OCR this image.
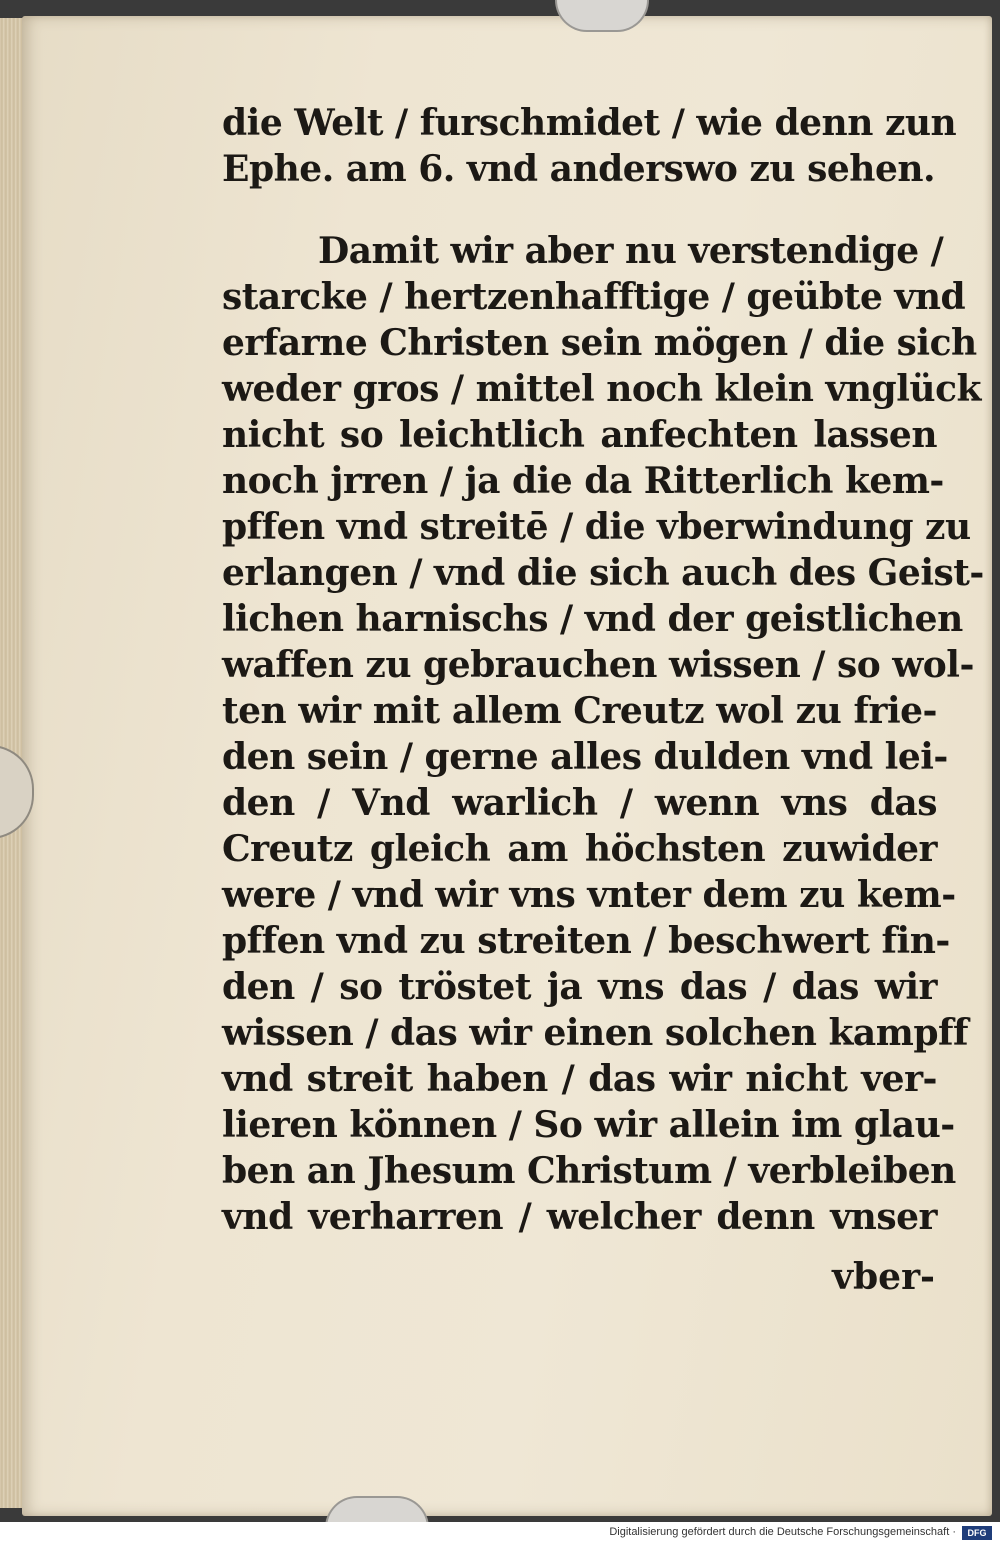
die Welt / furschmidet / wie denn zun
Ephe. am 6. vnd anderswo zu sehen.
Damit wir aber nu verstendige /
starcke / hertzenhafftige / geübte vnd
erfarne Christen sein mögen / die sich
weder gros / mittel noch klein vnglück
nicht so leichtlich anfechten lassen
noch jrren / ja die da Ritterlich kem-
pffen vnd streitē / die vberwindung zu
erlangen / vnd die sich auch des Geist-
lichen harnischs / vnd der geistlichen
waffen zu gebrauchen wissen / so wol-
ten wir mit allem Creutz wol zu frie-
den sein / gerne alles dulden vnd lei-
den / Vnd warlich / wenn vns das
Creutz gleich am höchsten zuwider
were / vnd wir vns vnter dem zu kem-
pffen vnd zu streiten / beschwert fin-
den / so tröstet ja vns das / das wir
wissen / das wir einen solchen kampff
vnd streit haben / das wir nicht ver-
lieren können / So wir allein im glau-
ben an Jhesum Christum / verbleiben
vnd verharren / welcher denn vnser
vber-
Digitalisierung gefördert durch die Deutsche Forschungsgemeinschaft ·	DFG
